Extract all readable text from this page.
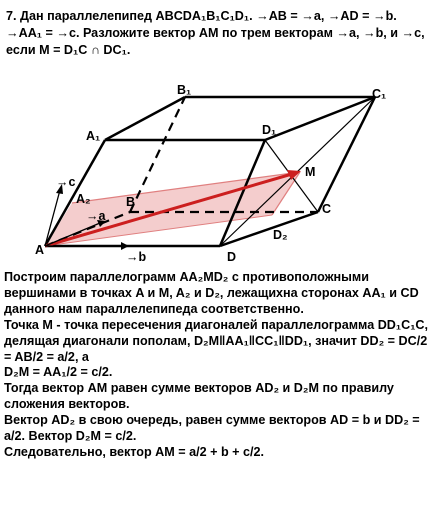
7. Дан параллелепипед ABCDA₁B₁C₁D₁. →AB = →a, →AD = →b. →AA₁ = →c. Разложите вектор AM по трем векторам →a, →b, и →c, если M = D₁C ∩ DC₁.
B₁	C₁
A₁	D₁
M
A₂	B	C
A	D
D₂
→c
→a
→b

Построим параллелограмм AA₂MD₂ с противоположными вершинами в точках A и M, A₂ и D₂, лежащихна сторонах AA₁ и CD данного нам параллелепипеда соответственно.

Точка M - точка пересечения диагоналей параллелограмма DD₁C₁C, делящая диагонали пополам, D₂M‖AA₁‖CC₁‖DD₁, значит DD₂ = DC/2 = AB/2 = a/2, а

D₂M = AA₁/2 = c/2.

Тогда вектор AM равен сумме векторов AD₂ и D₂M по правилу сложения векторов.

Вектор AD₂ в свою очередь, равен сумме векторов AD = b и DD₂ = a/2. Вектор D₂M = c/2.

Следовательно, вектор AM = a/2 + b + c/2.
